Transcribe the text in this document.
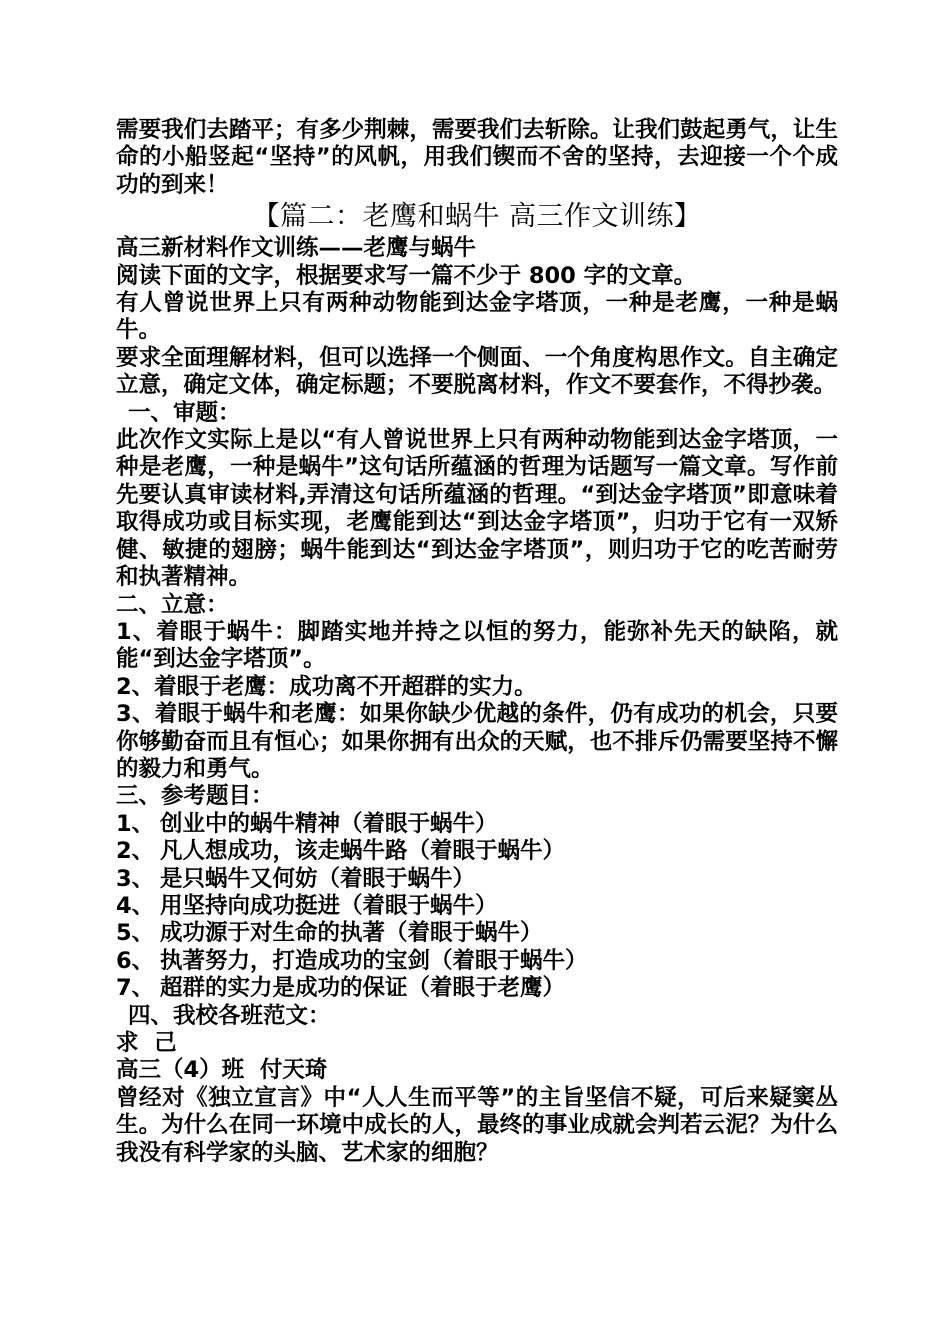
需要我们去踏平；有多少荆棘，需要我们去斩除。让我们鼓起勇气，让生命的小船竖起“坚持”的风帆，用我们锲而不舍的坚持，去迎接一个个成功的到来！

【篇二：老鹰和蜗牛 高三作文训练】

高三新材料作文训练——老鹰与蜗牛

阅读下面的文字，根据要求写一篇不少于 800 字的文章。

有人曾说世界上只有两种动物能到达金字塔顶，一种是老鹰，一种是蜗牛。

要求全面理解材料，但可以选择一个侧面、一个角度构思作文。自主确定立意，确定文体，确定标题；不要脱离材料，作文不要套作，不得抄袭。

一、审题：

此次作文实际上是以“有人曾说世界上只有两种动物能到达金字塔顶，一种是老鹰，一种是蜗牛”这句话所蕴涵的哲理为话题写一篇文章。写作前先要认真审读材料,弄清这句话所蕴涵的哲理。“到达金字塔顶”即意味着取得成功或目标实现，老鹰能到达“到达金字塔顶”，归功于它有一双矫健、敏捷的翅膀；蜗牛能到达“到达金字塔顶”，则归功于它的吃苦耐劳和执著精神。

二、立意：

1、着眼于蜗牛：脚踏实地并持之以恒的努力，能弥补先天的缺陷，就能“到达金字塔顶”。

2、着眼于老鹰：成功离不开超群的实力。

3、着眼于蜗牛和老鹰：如果你缺少优越的条件，仍有成功的机会，只要你够勤奋而且有恒心；如果你拥有出众的天赋，也不排斥仍需要坚持不懈的毅力和勇气。

三、参考题目：

1、 创业中的蜗牛精神（着眼于蜗牛）

2、 凡人想成功，该走蜗牛路（着眼于蜗牛）

3、 是只蜗牛又何妨（着眼于蜗牛）

4、 用坚持向成功挺进（着眼于蜗牛）

5、 成功源于对生命的执著（着眼于蜗牛）

6、 执著努力，打造成功的宝剑（着眼于蜗牛）

7、 超群的实力是成功的保证（着眼于老鹰）

四、我校各班范文：

求  己

高三（4）班  付天琦

曾经对《独立宣言》中“人人生而平等”的主旨坚信不疑，可后来疑窦丛生。为什么在同一环境中成长的人，最终的事业成就会判若云泥？为什么我没有科学家的头脑、艺术家的细胞？
